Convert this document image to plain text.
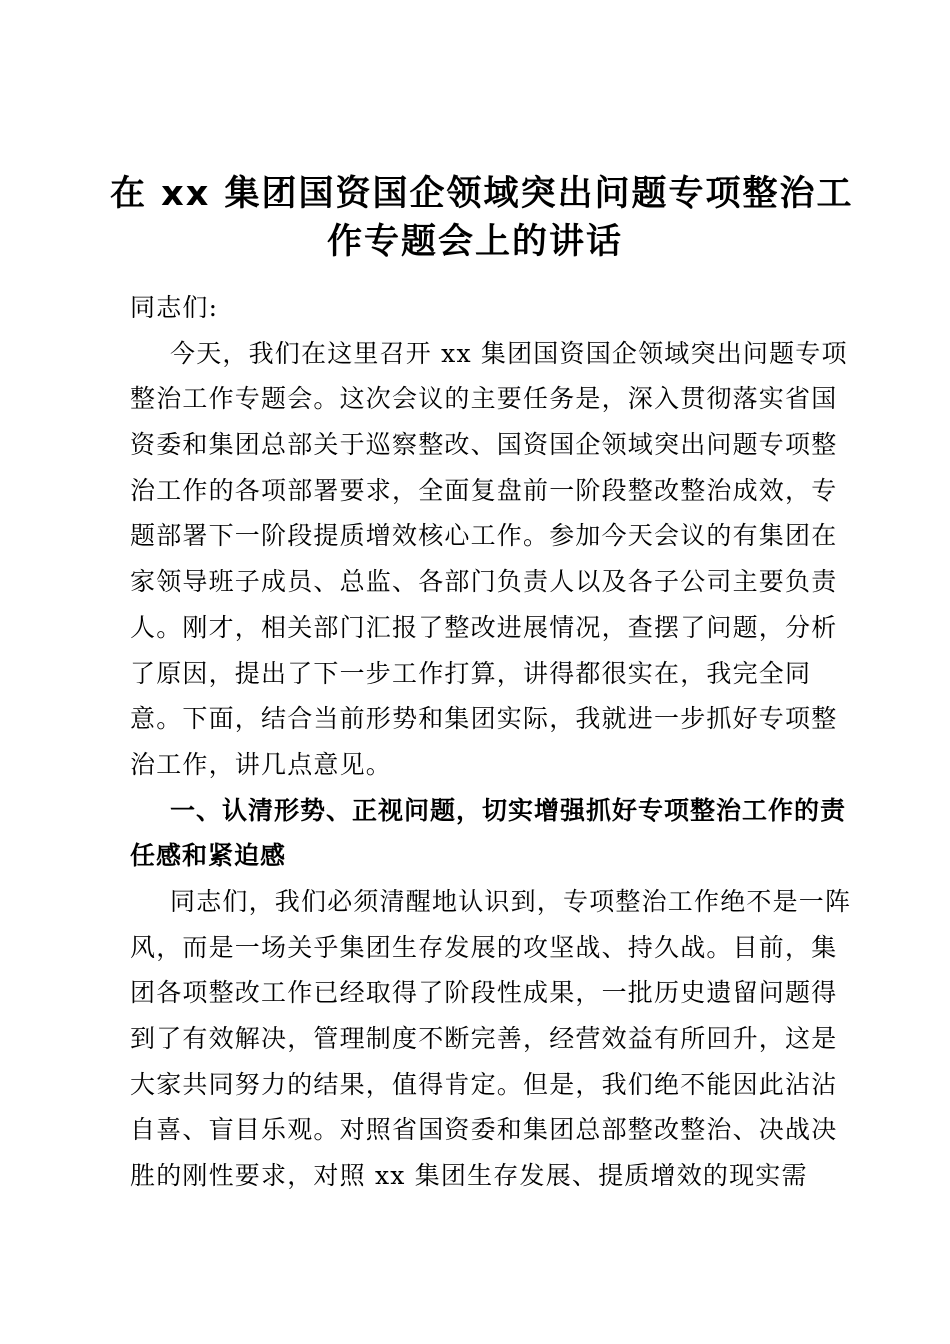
在 xx 集团国资国企领域突出问题专项整治工
作专题会上的讲话
同志们:
今天，我们在这里召开 xx 集团国资国企领域突出问题专项
整治工作专题会。这次会议的主要任务是，深入贯彻落实省国
资委和集团总部关于巡察整改、国资国企领域突出问题专项整
治工作的各项部署要求，全面复盘前一阶段整改整治成效，专
题部署下一阶段提质增效核心工作。参加今天会议的有集团在
家领导班子成员、总监、各部门负责人以及各子公司主要负责
人。刚才，相关部门汇报了整改进展情况，查摆了问题，分析
了原因，提出了下一步工作打算，讲得都很实在，我完全同
意。下面，结合当前形势和集团实际，我就进一步抓好专项整
治工作，讲几点意见。
一、认清形势、正视问题，切实增强抓好专项整治工作的责
任感和紧迫感
同志们，我们必须清醒地认识到，专项整治工作绝不是一阵
风，而是一场关乎集团生存发展的攻坚战、持久战。目前，集
团各项整改工作已经取得了阶段性成果，一批历史遗留问题得
到了有效解决，管理制度不断完善，经营效益有所回升，这是
大家共同努力的结果，值得肯定。但是，我们绝不能因此沾沾
自喜、盲目乐观。对照省国资委和集团总部整改整治、决战决
胜的刚性要求，对照 xx 集团生存发展、提质增效的现实需
